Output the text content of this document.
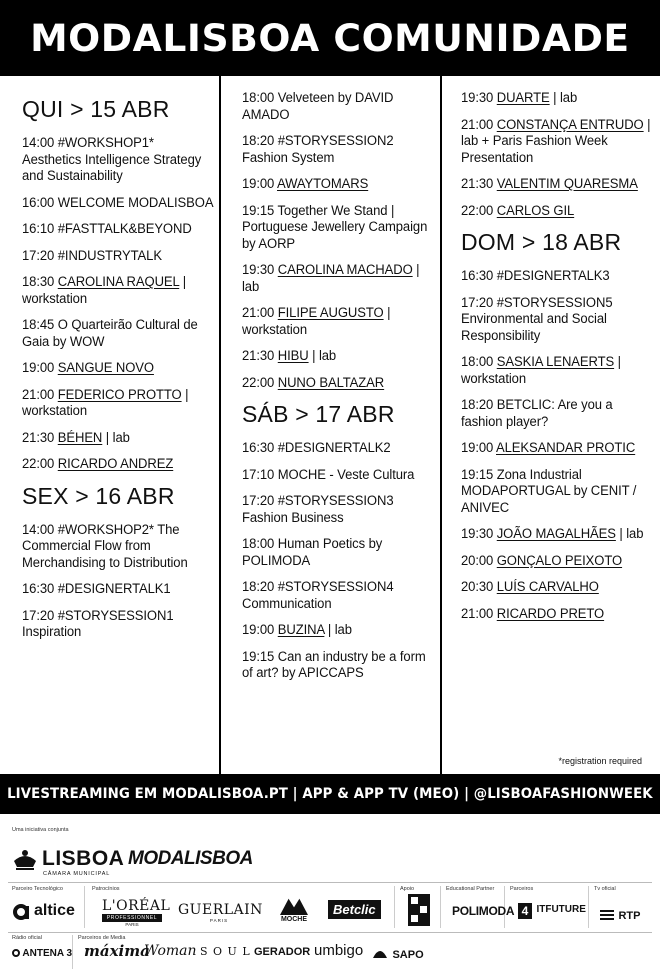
MODALISBOA COMUNIDADE
QUI > 15 ABR
14:00 #WORKSHOP1* Aesthetics Intelligence Strategy and Sustainability
16:00 WELCOME MODALISBOA
16:10 #FASTTALK&BEYOND
17:20 #INDUSTRYTALK
18:30 CAROLINA RAQUEL | workstation
18:45 O Quarteirão Cultural de Gaia by WOW
19:00 SANGUE NOVO
21:00 FEDERICO PROTTO | workstation
21:30 BÉHEN | lab
22:00 RICARDO ANDREZ
SEX > 16 ABR
14:00 #WORKSHOP2* The Commercial Flow from Merchandising to Distribution
16:30 #DESIGNERTALK1
17:20 #STORYSESSION1 Inspiration
18:00 Velveteen by DAVID AMADO
18:20 #STORYSESSION2 Fashion System
19:00 AWAYTOMARS
19:15 Together We Stand | Portuguese Jewellery Campaign by AORP
19:30 CAROLINA MACHADO | lab
21:00 FILIPE AUGUSTO | workstation
21:30 HIBU | lab
22:00 NUNO BALTAZAR
SÁB > 17 ABR
16:30 #DESIGNERTALK2
17:10 MOCHE - Veste Cultura
17:20 #STORYSESSION3 Fashion Business
18:00 Human Poetics by POLIMODA
18:20 #STORYSESSION4 Communication
19:00 BUZINA | lab
19:15 Can an industry be a form of art? by APICCAPS
19:30 DUARTE | lab
21:00 CONSTANÇA ENTRUDO | lab + Paris Fashion Week Presentation
21:30 VALENTIM QUARESMA
22:00 CARLOS GIL
DOM > 18 ABR
16:30 #DESIGNERTALK3
17:20 #STORYSESSION5 Environmental and Social Responsibility
18:00 SASKIA LENAERTS | workstation
18:20 BETCLIC: Are you a fashion player?
19:00 ALEKSANDAR PROTIC
19:15 Zona Industrial MODAPORTUGAL by CENIT / ANIVEC
19:30 JOÃO MAGALHÃES | lab
20:00 GONÇALO PEIXOTO
20:30 LUÍS CARVALHO
21:00 RICARDO PRETO
*registration required
LIVESTREAMING EM MODALISBOA.PT | APP & APP TV (MEO) | @LISBOAFASHIONWEEK
Uma iniciativa conjunta
LISBOA
CÂMARA MUNICIPAL
MODALISBOA
Parceiro Tecnológico	Patrocínios	Apoio	Educational Partner	Parceiros	Tv oficial
altice L'ORÉAL
PROFESSIONNEL
PARIS
GUERLAIN
PARIS	MOCHE
Betclic	POLIMODA 4 ITFUTURE
RTP
Rádio oficial	Parceiros de Media
ANTENA 3 máxima
Woman S O U L GERADOR umbigo	SAPO
